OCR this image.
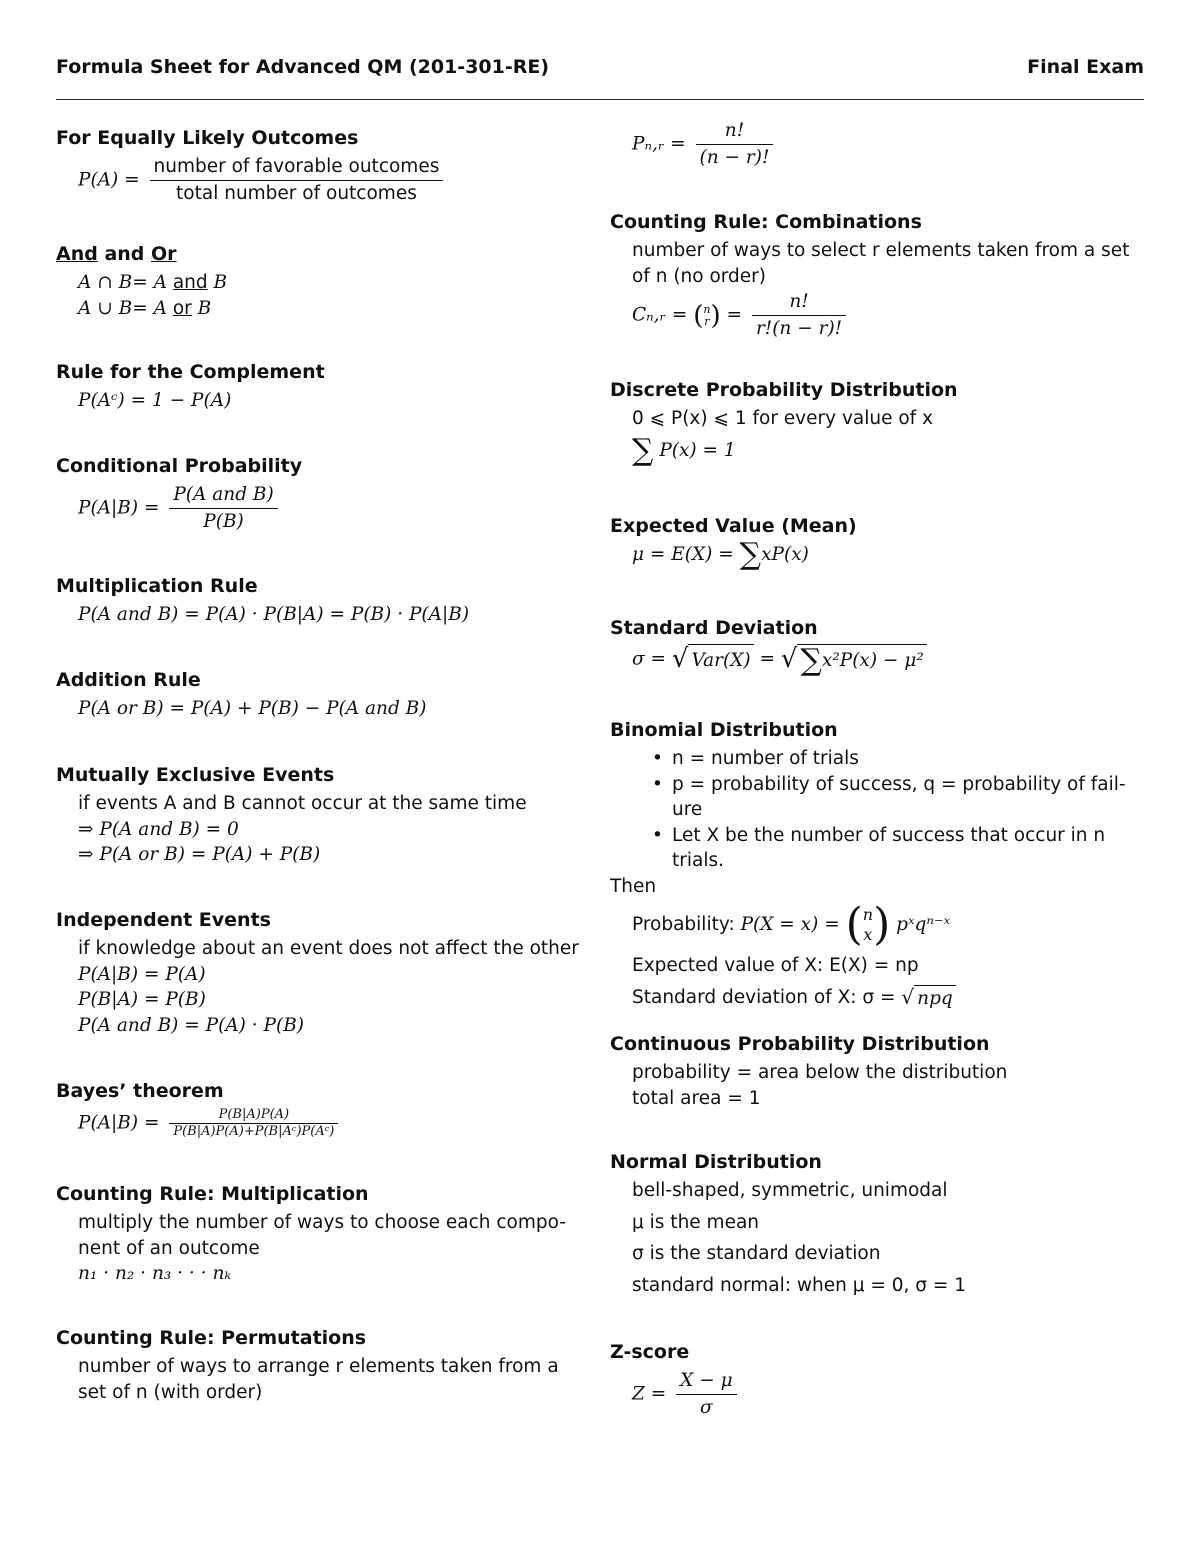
Formula Sheet for Advanced QM (201-301-RE)	Final Exam
For Equally Likely Outcomes
$P(A) = \frac{\text{number of favorable outcomes}}{\text{total number of outcomes}}$
And and Or
A ∩ B= A and B
A ∪ B= A or B
Rule for the Complement
P(Aᶜ) = 1 − P(A)
Conditional Probability
$P(A|B) = \frac{\text{P(A and B)}}{P(B)}$
Multiplication Rule
P(A and B) = P(A) · P(B|A) = P(B) · P(A|B)
Addition Rule
P(A or B) = P(A) + P(B) − P(A and B)
Mutually Exclusive Events
if events A and B cannot occur at the same time
⇒ P(A and B) = 0
⇒ P(A or B) = P(A) + P(B)
Independent Events
if knowledge about an event does not affect the other
P(A|B) = P(A)
P(B|A) = P(B)
P(A and B) = P(A) · P(B)
Bayes’ theorem
$P(A|B) = \frac{P(B|A)P(A)}{\text{P(B|A)P(A)+P(B|Aᶜ)P(Aᶜ)}}$
Counting Rule: Multiplication
multiply the number of ways to choose each compo-
nent of an outcome
n₁ · n₂ · n₃ · · · nₖ
Counting Rule: Permutations
number of ways to arrange r elements taken from a
set of n (with order)
Pₙ,ᵣ = $\frac{n!}{(n - r)!}$
Counting Rule: Combinations
number of ways to select r elements taken from a set
of n (no order)
Cₙ,ᵣ = ( n
r ) = $\frac{n!}{r!(n - r)!}$
Discrete Probability Distribution
0 ⩽ P(x) ⩽ 1 for every value of x
∑ P(x) = 1
Expected Value (Mean)
μ = E(X) = ∑xP(x)
Standard Deviation
σ = √ Var(X) = √ ∑x²P(x) − μ²
Binomial Distribution
• n = number of trials
• p = probability of success, q = probability of fail-ure
• Let X be the number of success that occur in n trials.
Then
Probability: P(X = x) = ( n
x ) pˣqⁿ⁻ˣ
Expected value of X: E(X) = np
Standard deviation of X: σ = √ npq
Continuous Probability Distribution
probability = area below the distribution
total area = 1
Normal Distribution
bell-shaped, symmetric, unimodal
μ is the mean
σ is the standard deviation
standard normal: when μ = 0, σ = 1
Z-score
$Z = \frac{X - \mu}{\sigma}$
